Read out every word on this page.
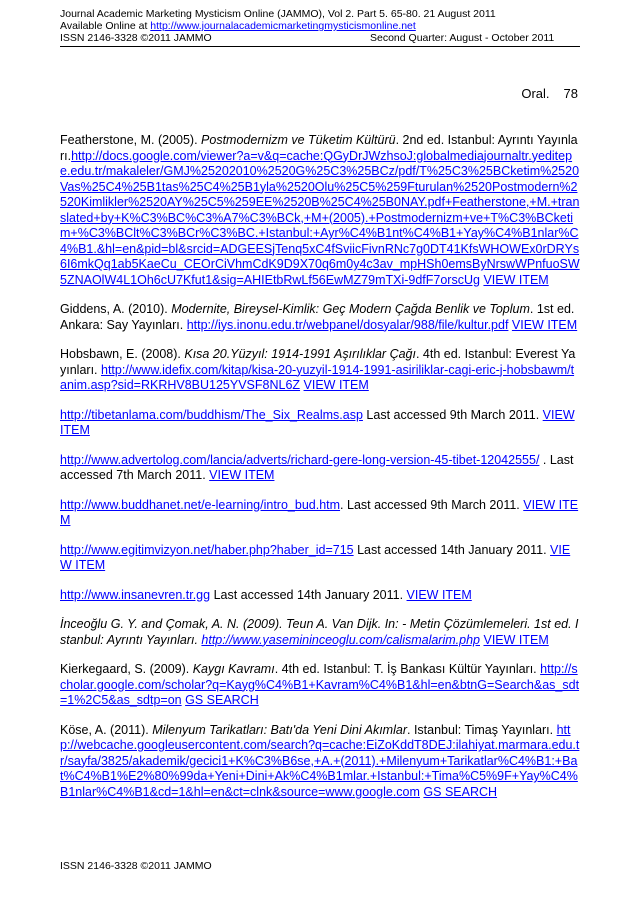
Journal Academic Marketing Mysticism Online (JAMMO), Vol 2. Part 5. 65-80. 21 August 2011
Available Online at http://www.journalacademicmarketingmysticismonline.net
ISSN 2146-3328 ©2011 JAMMO	Second Quarter: August - October 2011
Oral. 78
Featherstone, M. (2005). Postmodernizm ve Tüketim Kültürü. 2nd ed. Istanbul: Ayrıntı Yayınları.http://docs.google.com/viewer?a=v&q=cache:QGyDrJWzhsoJ:globalmediajournaltr.yeditepe.edu.tr/makaleler/GMJ%25202010%2520G%25C3%25BCz/pdf/T%25C3%25BCketim%2520Vas%25C4%25B1tas%25C4%25B1yla%2520Olu%25C5%259Fturulan%2520Postmodern%2520Kimlikler%2520AY%25C5%259EE%2520B%25C4%25B0NAY.pdf+Featherstone,+M.+translated+by+K%C3%BC%C3%A7%C3%BCk,+M+(2005).+Postmodernizm+ve+T%C3%BCketim+%C3%BClt%C3%BCr%C3%BC.+Istanbul:+Ayr%C4%B1nt%C4%B1+Yay%C4%B1nlar%C4%B1.&hl=en&pid=bl&srcid=ADGEESjTenq5xC4fSviicFivnRNc7g0DT41KfsWHOWEx0rDRYs6I6mkQq1ab5KaeCu_CEOrCiVhmCdK9D9X70q6m0y4c3av_mpHSh0emsByNrswWPnfuoSW5ZNAOlW4L1Oh6cU7Kfut1&sig=AHIEtbRwLf56EwMZ79mTXi-9dfF7orscUg VIEW ITEM
Giddens, A. (2010). Modernite, Bireysel-Kimlik: Geç Modern Çağda Benlik ve Toplum. 1st ed. Ankara: Say Yayınları. http://iys.inonu.edu.tr/webpanel/dosyalar/988/file/kultur.pdf VIEW ITEM
Hobsbawn, E. (2008). Kısa 20.Yüzyıl: 1914-1991 Aşırılıklar Çağı. 4th ed. Istanbul: Everest Yayınları. http://www.idefix.com/kitap/kisa-20-yuzyil-1914-1991-asiriliklar-cagi-eric-j-hobsbawm/tanim.asp?sid=RKRHV8BU125YVSF8NL6Z VIEW ITEM
http://tibetanlama.com/buddhism/The_Six_Realms.asp Last accessed 9th March 2011. VIEW ITEM
http://www.advertolog.com/lancia/adverts/richard-gere-long-version-45-tibet-12042555/ . Last accessed 7th March 2011. VIEW ITEM
http://www.buddhanet.net/e-learning/intro_bud.htm. Last accessed 9th March 2011. VIEW ITEM
http://www.egitimvizyon.net/haber.php?haber_id=715 Last accessed 14th January 2011. VIEW ITEM
http://www.insanevren.tr.gg Last accessed 14th January 2011. VIEW ITEM
İnceoğlu G. Y. and Çomak, A. N. (2009). Teun A. Van Dijk. In: - Metin Çözümlemeleri. 1st ed. Istanbul: Ayrıntı Yayınları. http://www.yasemininceoglu.com/calismalarim.php VIEW ITEM
Kierkegaard, S. (2009). Kaygı Kavramı. 4th ed. Istanbul: T. İş Bankası Kültür Yayınları. http://scholar.google.com/scholar?q=Kayg%C4%B1+Kavram%C4%B1&hl=en&btnG=Search&as_sdt=1%2C5&as_sdtp=on GS SEARCH
Köse, A. (2011). Milenyum Tarikatları: Batı'da Yeni Dini Akımlar. Istanbul: Timaş Yayınları. http://webcache.googleusercontent.com/search?q=cache:EiZoKddT8DEJ:ilahiyat.marmara.edu.tr/sayfa/3825/akademik/gecici1+K%C3%B6se,+A.+(2011).+Milenyum+Tarikatlar%C4%B1:+Bat%C4%B1%E2%80%99da+Yeni+Dini+Ak%C4%B1mlar.+Istanbul:+Tima%C5%9F+Yay%C4%B1nlar%C4%B1&cd=1&hl=en&ct=clnk&source=www.google.com GS SEARCH
ISSN 2146-3328 ©2011 JAMMO
